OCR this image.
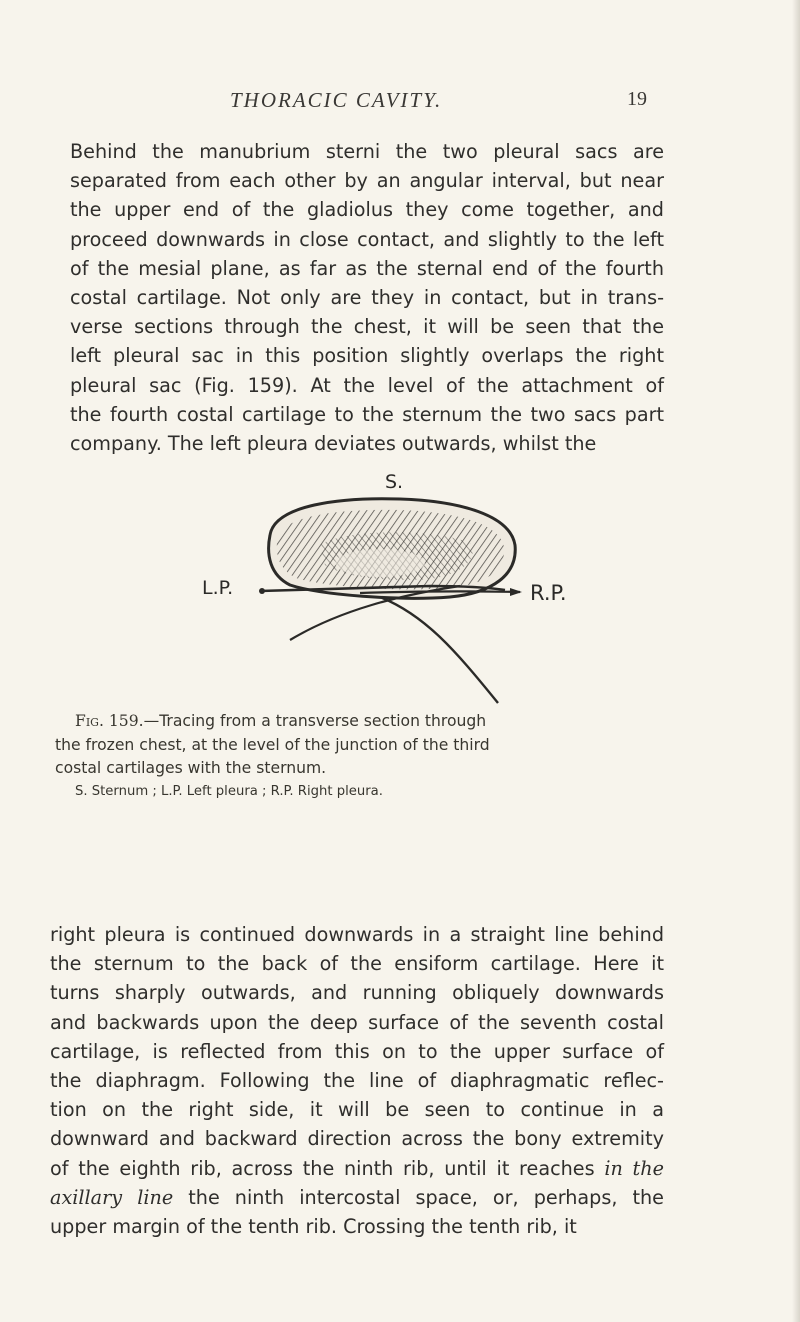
THORACIC CAVITY.	19
Behind the manubrium sterni the two pleural sacs are
separated from each other by an angular interval, but near
the upper end of the gladiolus they come together, and
proceed downwards in close contact, and slightly to the left
of the mesial plane, as far as the sternal end of the fourth
costal cartilage. Not only are they in contact, but in trans-
verse sections through the chest, it will be seen that the
left pleural sac in this position slightly overlaps the right
pleural sac (Fig. 159). At the level of the attachment of
the fourth costal cartilage to the sternum the two sacs part
company. The left pleura deviates outwards, whilst the
S.
L.P.	R.P.
Fig. 159.—Tracing from a transverse section through
the frozen chest, at the level of the junction of the third
costal cartilages with the sternum.
S. Sternum ; L.P. Left pleura ; R.P. Right pleura.
right pleura is continued downwards in a straight line behind
the sternum to the back of the ensiform cartilage. Here it
turns sharply outwards, and running obliquely downwards
and backwards upon the deep surface of the seventh costal
cartilage, is reflected from this on to the upper surface of
the diaphragm. Following the line of diaphragmatic reflec-
tion on the right side, it will be seen to continue in a
downward and backward direction across the bony extremity
of the eighth rib, across the ninth rib, until it reaches in the
axillary line the ninth intercostal space, or, perhaps, the
upper margin of the tenth rib. Crossing the tenth rib, it
